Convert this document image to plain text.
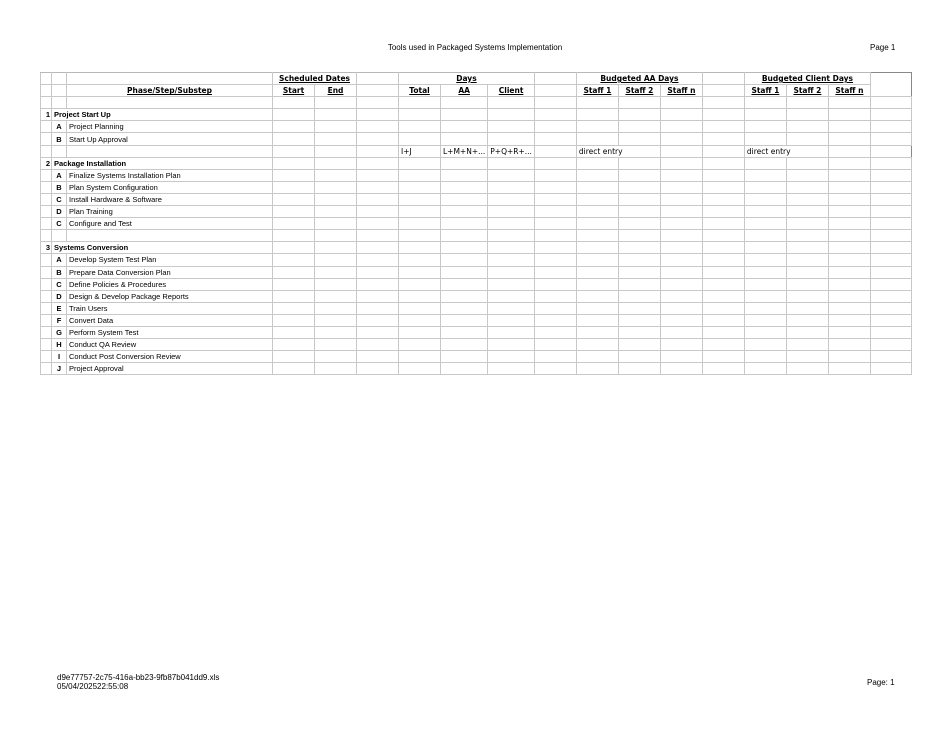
Tools used in Packaged Systems Implementation	Page 1
			Scheduled Dates			Days				Budgeted AA Days				Budgeted Client Days			
		Phase/Step/Substep	Start	End		Total	AA	Client		Staff 1	Staff 2	Staff n		Staff 1	Staff 2	Staff n	

1	Project Start Up																
	A	Project Planning															
	B	Start Up Approval															
						I+J	L+M+N+...	P+Q+R+...		direct entry				direct entry			
2	Package Installation																
	A	Finalize Systems Installation Plan															
	B	Plan System Configuration															
	C	Install Hardware & Software															
	D	Plan Training															
	C	Configure and Test															

3	Systems Conversion																
	A	Develop System Test Plan															
	B	Prepare Data Conversion Plan															
	C	Define Policies & Procedures															
	D	Design & Develop Package Reports															
	E	Train Users															
	F	Convert Data															
	G	Perform System Test															
	H	Conduct QA Review															
	I	Conduct Post Conversion Review															
	J	Project Approval															
d9e77757-2c75-416a-bb23-9fb87b041dd9.xls
05/04/202522:55:08	Page: 1
